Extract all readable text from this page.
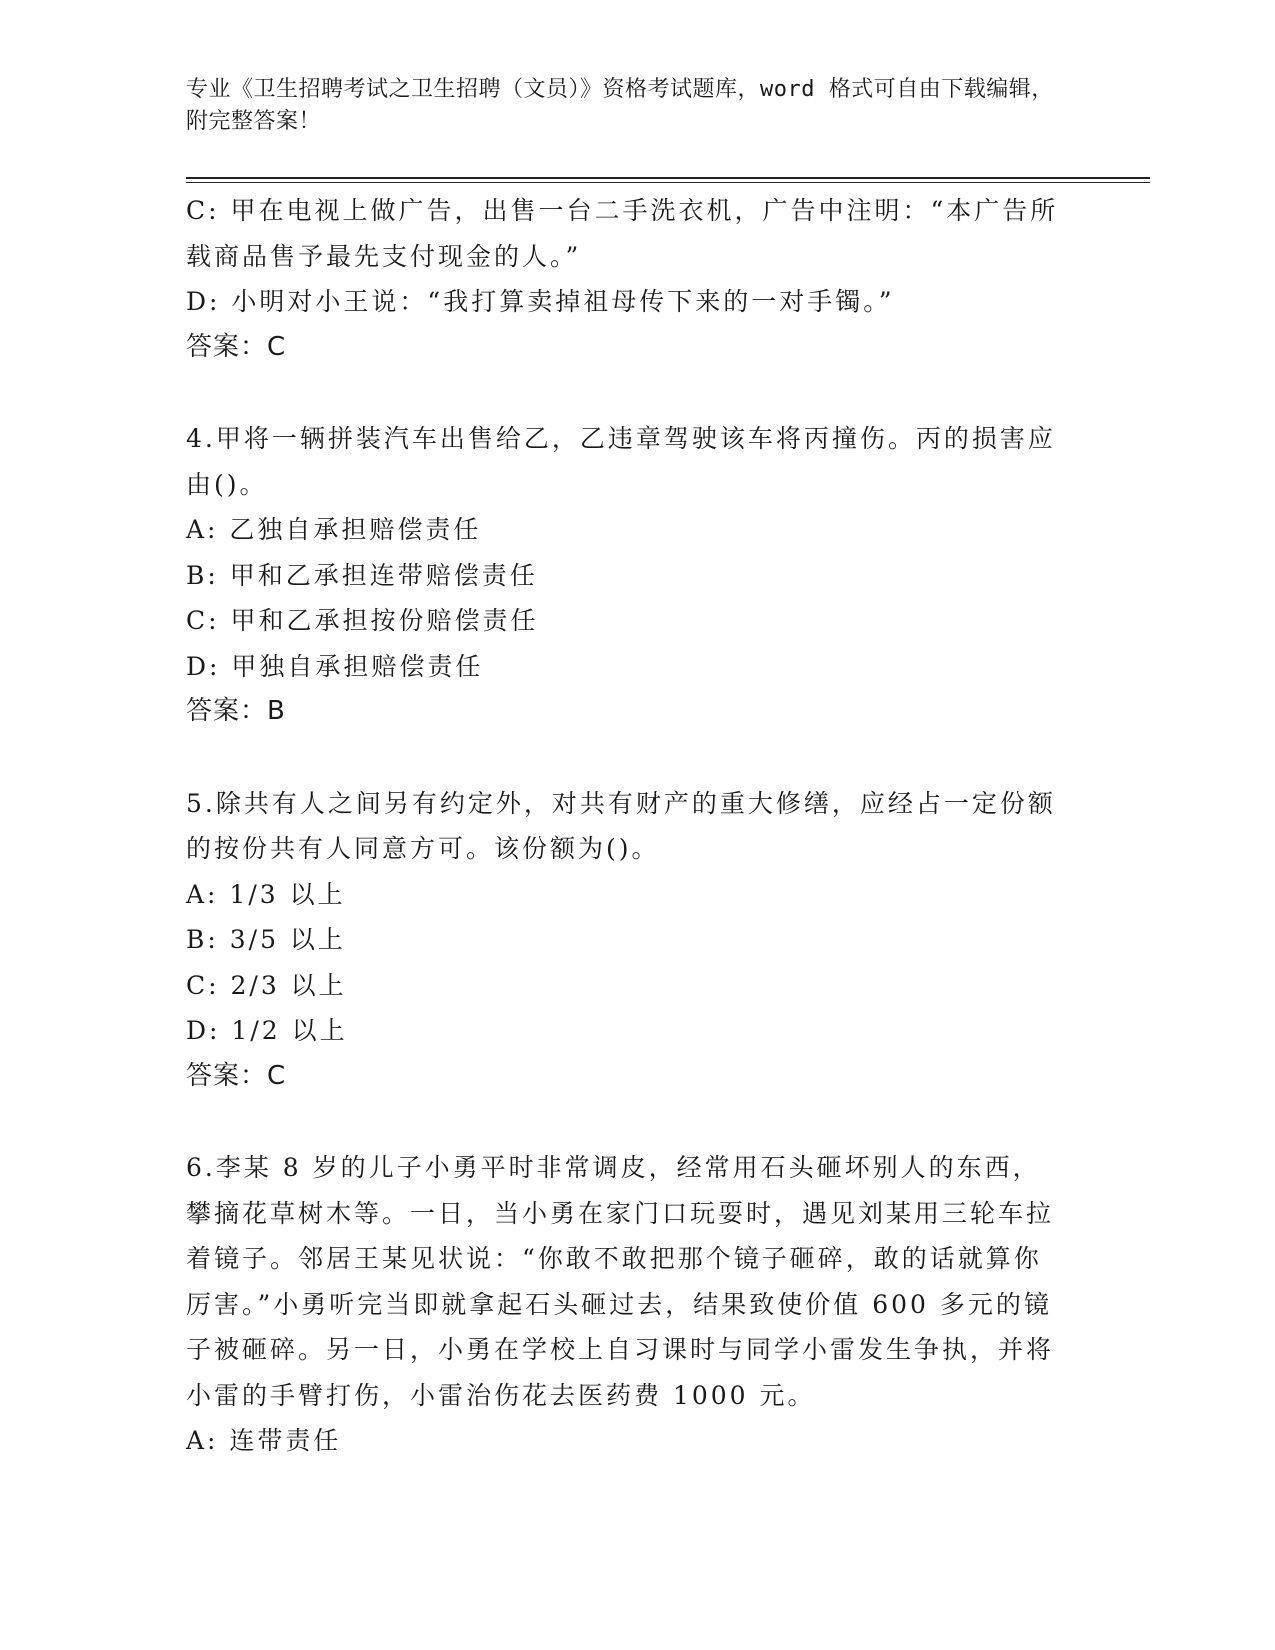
专业《卫生招聘考试之卫生招聘（文员）》资格考试题库，word 格式可自由下载编辑，附完整答案！

C: 甲在电视上做广告，出售一台二手洗衣机，广告中注明：“本广告所载商品售予最先支付现金的人。”

D: 小明对小王说：“我打算卖掉祖母传下来的一对手镯。”

答案：C

4.甲将一辆拼装汽车出售给乙，乙违章驾驶该车将丙撞伤。丙的损害应由()。

A: 乙独自承担赔偿责任

B: 甲和乙承担连带赔偿责任

C: 甲和乙承担按份赔偿责任

D: 甲独自承担赔偿责任

答案：B

5.除共有人之间另有约定外，对共有财产的重大修缮，应经占一定份额的按份共有人同意方可。该份额为()。

A: 1/3 以上

B: 3/5 以上

C: 2/3 以上

D: 1/2 以上

答案：C

6.李某 8 岁的儿子小勇平时非常调皮，经常用石头砸坏别人的东西，攀摘花草树木等。一日，当小勇在家门口玩耍时，遇见刘某用三轮车拉着镜子。邻居王某见状说：“你敢不敢把那个镜子砸碎，敢的话就算你厉害。”小勇听完当即就拿起石头砸过去，结果致使价值 600 多元的镜子被砸碎。另一日，小勇在学校上自习课时与同学小雷发生争执，并将小雷的手臂打伤，小雷治伤花去医药费 1000 元。

A: 连带责任
